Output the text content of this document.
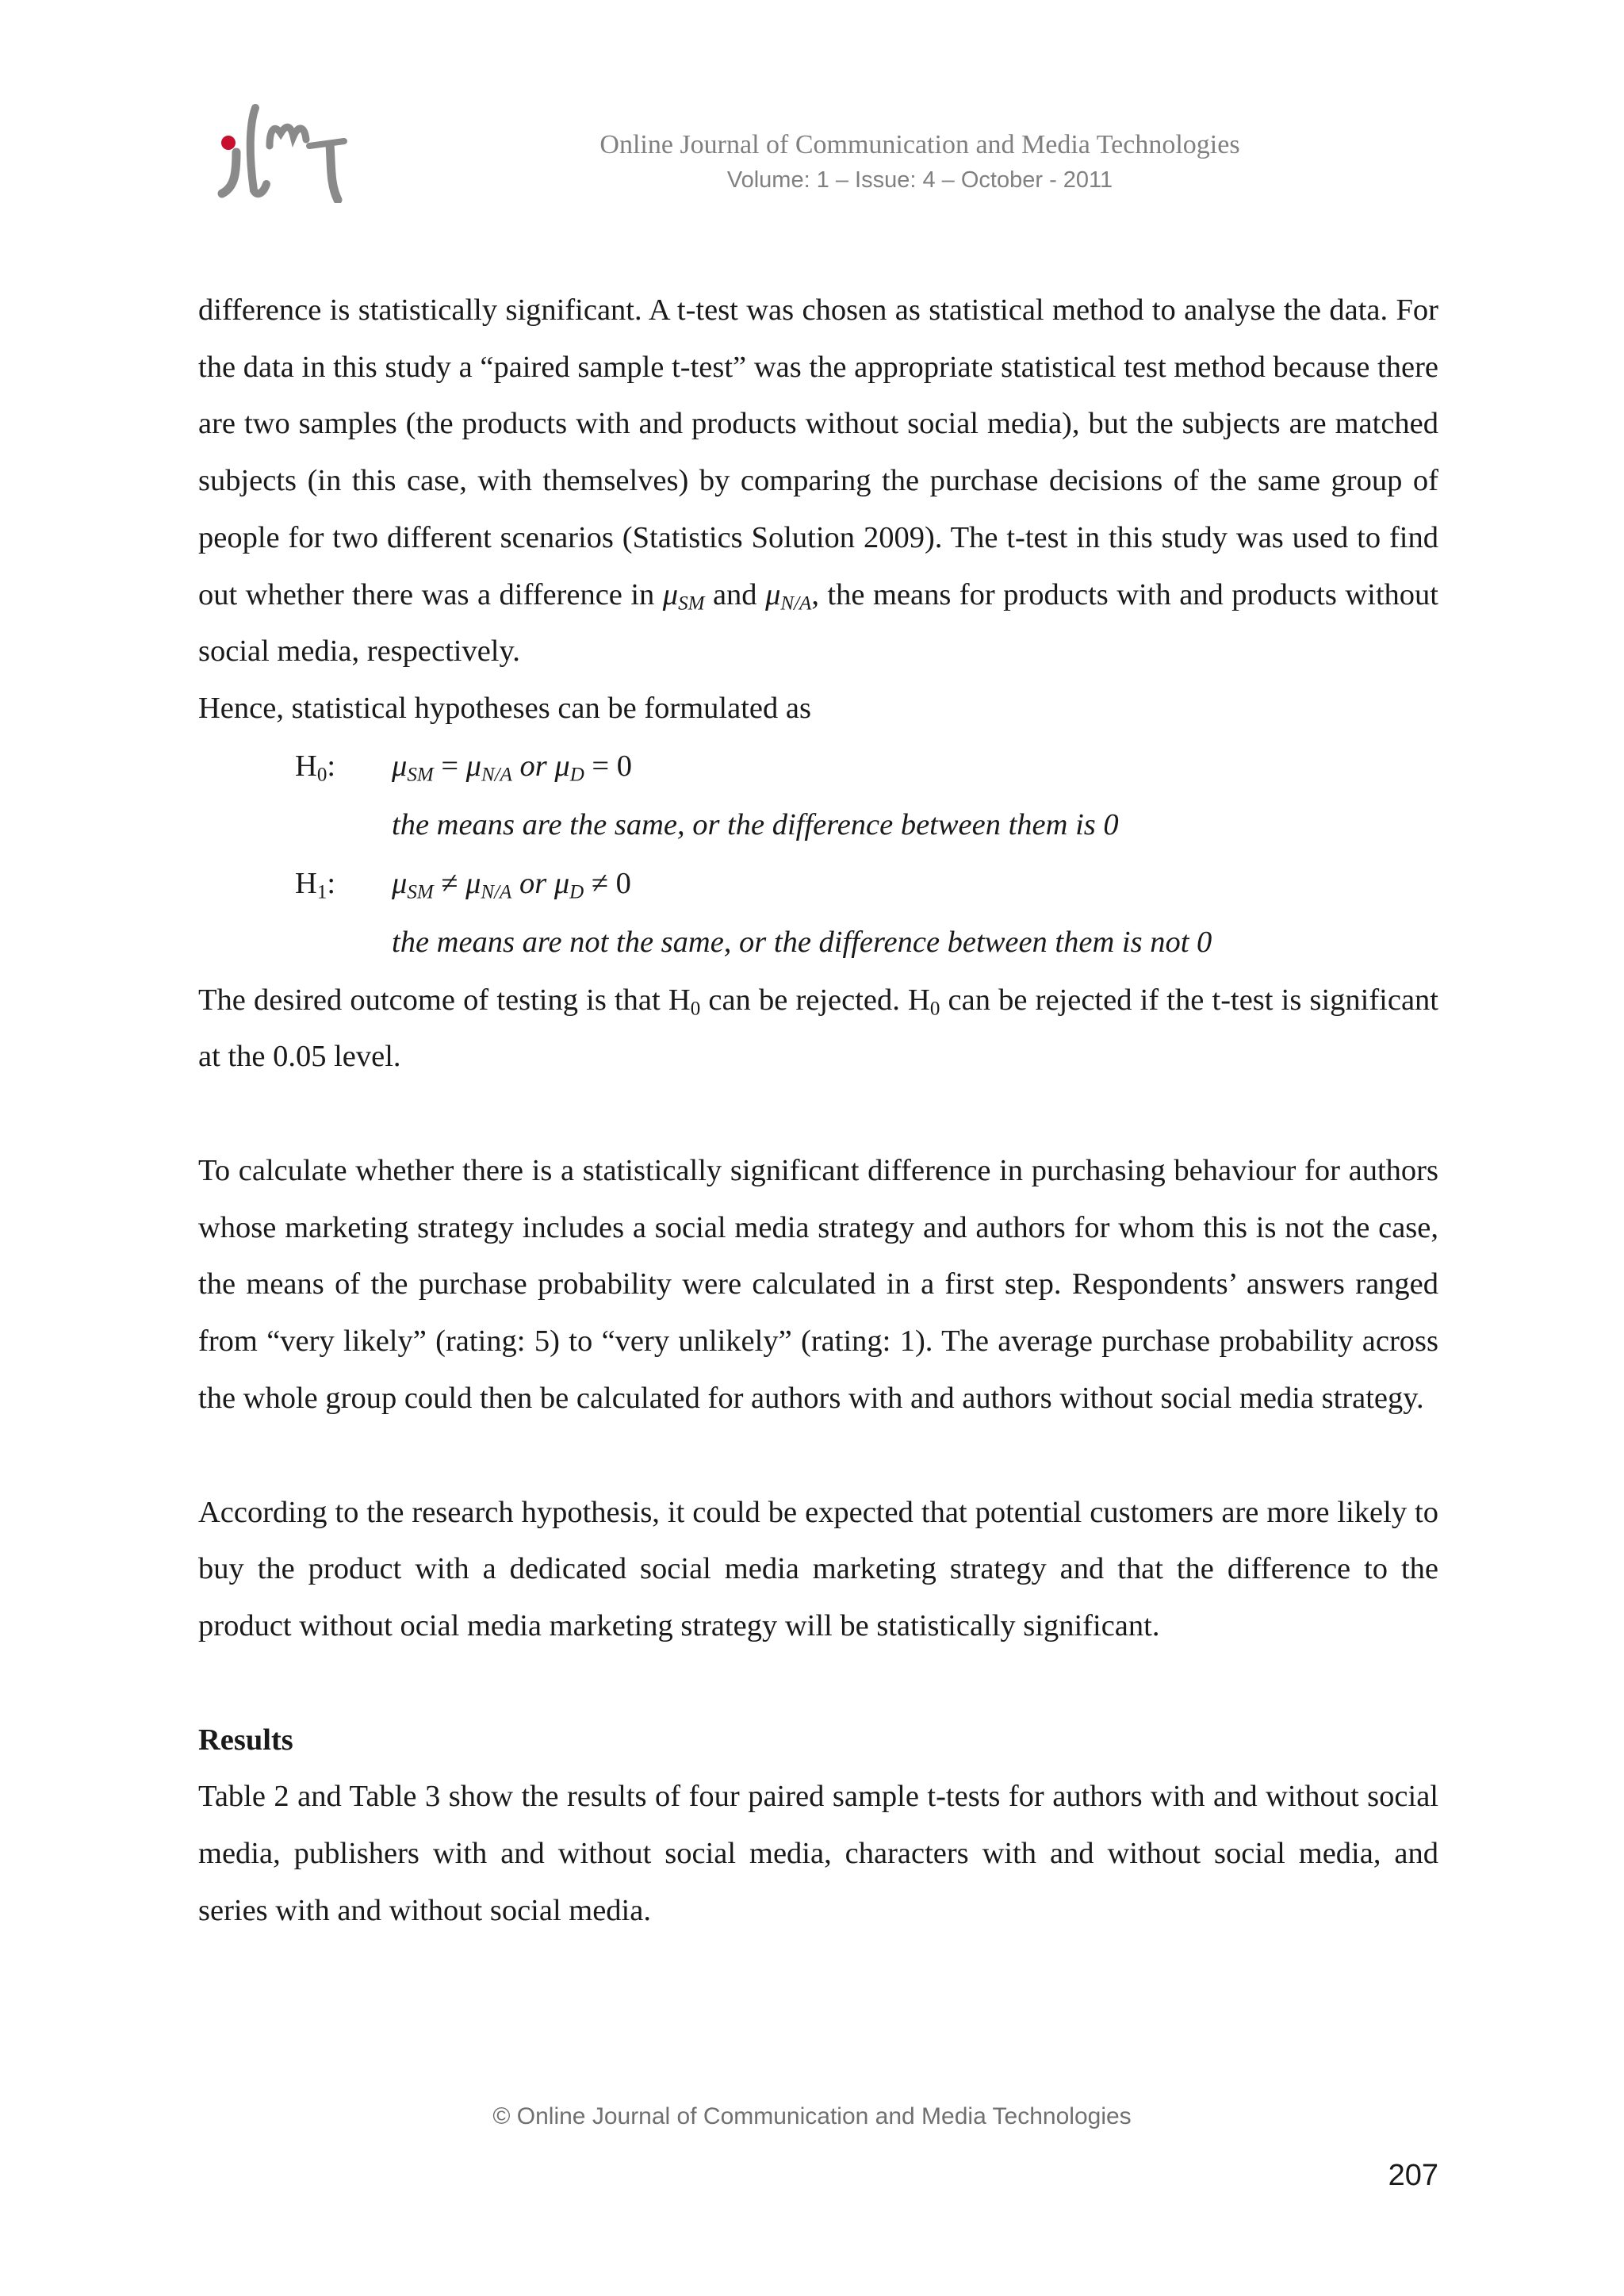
Online Journal of Communication and Media Technologies
Volume: 1 – Issue: 4 – October - 2011

difference is statistically significant. A t-test was chosen as statistical method to analyse the data. For the data in this study a “paired sample t-test” was the appropriate statistical test method because there are two samples (the products with and products without social media), but the subjects are matched subjects (in this case, with themselves) by comparing the purchase decisions of the same group of people for two different scenarios (Statistics Solution 2009). The t-test in this study was used to find out whether there was a difference in $\mu_{SM}$ and $\mu_{N/A}$, the means for products with and products without social media, respectively.

Hence, statistical hypotheses can be formulated as

$H_0$:	$\mu_{SM} = \mu_{N/A}$ or $\mu_D = 0$
the means are the same, or the difference between them is 0
$H_1$:	$\mu_{SM} \ne \mu_{N/A}$ or $\mu_D \ne 0$
the means are not the same, or the difference between them is not 0

The desired outcome of testing is that $H_0$ can be rejected. $H_0$ can be rejected if the t-test is significant at the 0.05 level.

To calculate whether there is a statistically significant difference in purchasing behaviour for authors whose marketing strategy includes a social media strategy and authors for whom this is not the case, the means of the purchase probability were calculated in a first step. Respondents’ answers ranged from “very likely” (rating: 5) to “very unlikely” (rating: 1). The average purchase probability across the whole group could then be calculated for authors with and authors without social media strategy.

According to the research hypothesis, it could be expected that potential customers are more likely to buy the product with a dedicated social media marketing strategy and that the difference to the product without ocial media marketing strategy will be statistically significant.

Results

Table 2 and Table 3 show the results of four paired sample t-tests for authors with and without social media, publishers with and without social media, characters with and without social media, and series with and without social media.

© Online Journal of Communication and Media Technologies
207
